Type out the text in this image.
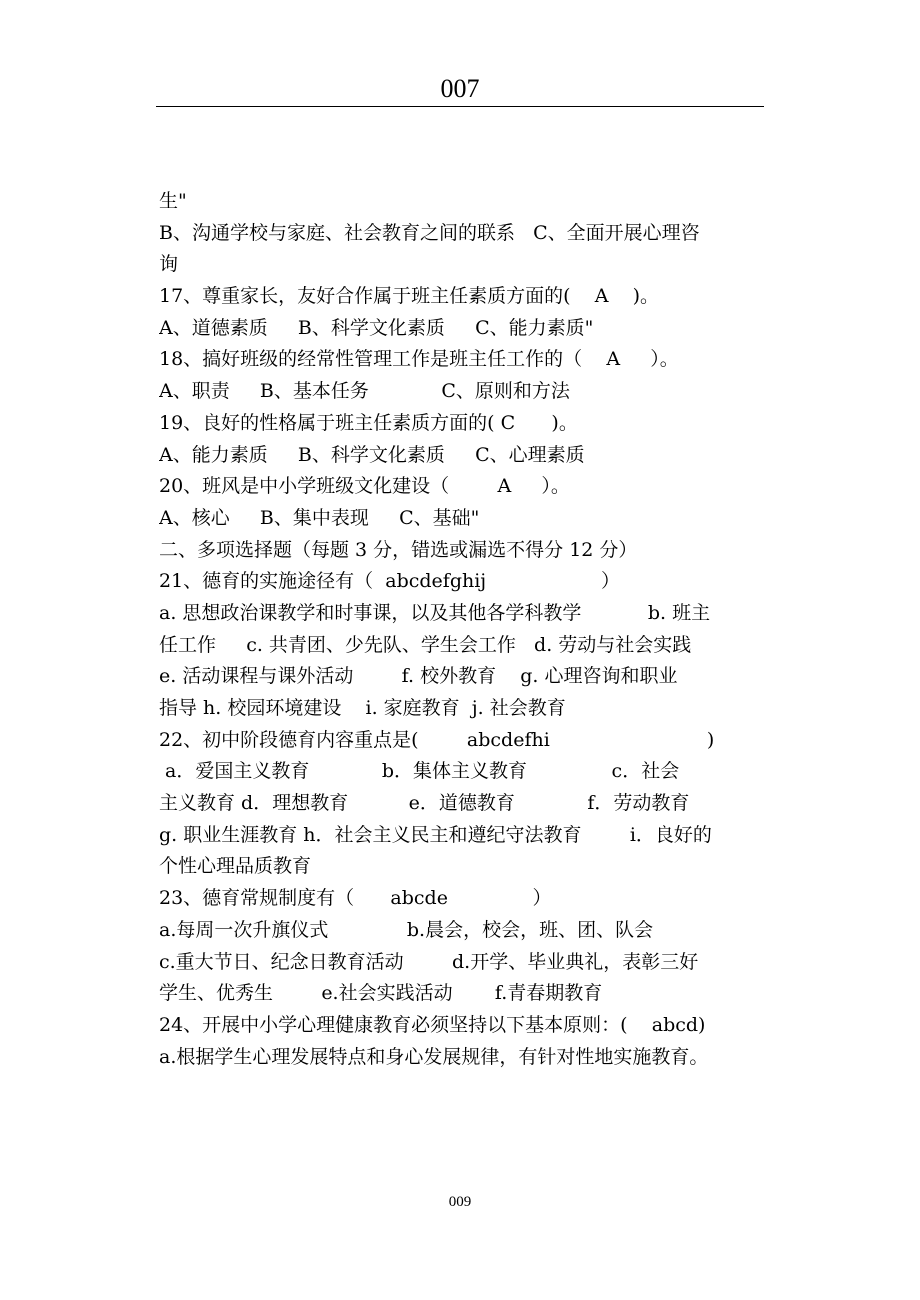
007
生"
B、沟通学校与家庭、社会教育之间的联系   C、全面开展心理咨
询
17、尊重家长，友好合作属于班主任素质方面的(    A    )。
A、道德素质     B、科学文化素质     C、能力素质"
18、搞好班级的经常性管理工作是班主任工作的（    A     ）。
A、职责     B、基本任务            C、原则和方法
19、良好的性格属于班主任素质方面的( C      )。
A、能力素质     B、科学文化素质     C、心理素质
20、班风是中小学班级文化建设（        A     ）。
A、核心     B、集中表现     C、基础"
二、多项选择题（每题 3 分，错选或漏选不得分 12 分）
21、德育的实施途径有（  abcdefghij                   ）
a. 思想政治课教学和时事课，以及其他各学科教学           b. 班主
任工作     c. 共青团、少先队、学生会工作   d. 劳动与社会实践
e. 活动课程与课外活动        f. 校外教育    g. 心理咨询和职业
指导 h. 校园环境建设    i. 家庭教育  j. 社会教育
22、初中阶段德育内容重点是(        abcdefhi                          )
a．爱国主义教育            b．集体主义教育              c．社会
主义教育 d．理想教育          e．道德教育            f．劳动教育
g. 职业生涯教育 h．社会主义民主和遵纪守法教育        i．良好的
个性心理品质教育
23、德育常规制度有（      abcde              ）
a.每周一次升旗仪式             b.晨会，校会，班、团、队会
c.重大节日、纪念日教育活动        d.开学、毕业典礼，表彰三好
学生、优秀生        e.社会实践活动       f.青春期教育
24、开展中小学心理健康教育必须坚持以下基本原则：(    abcd)
a.根据学生心理发展特点和身心发展规律，有针对性地实施教育。
009
